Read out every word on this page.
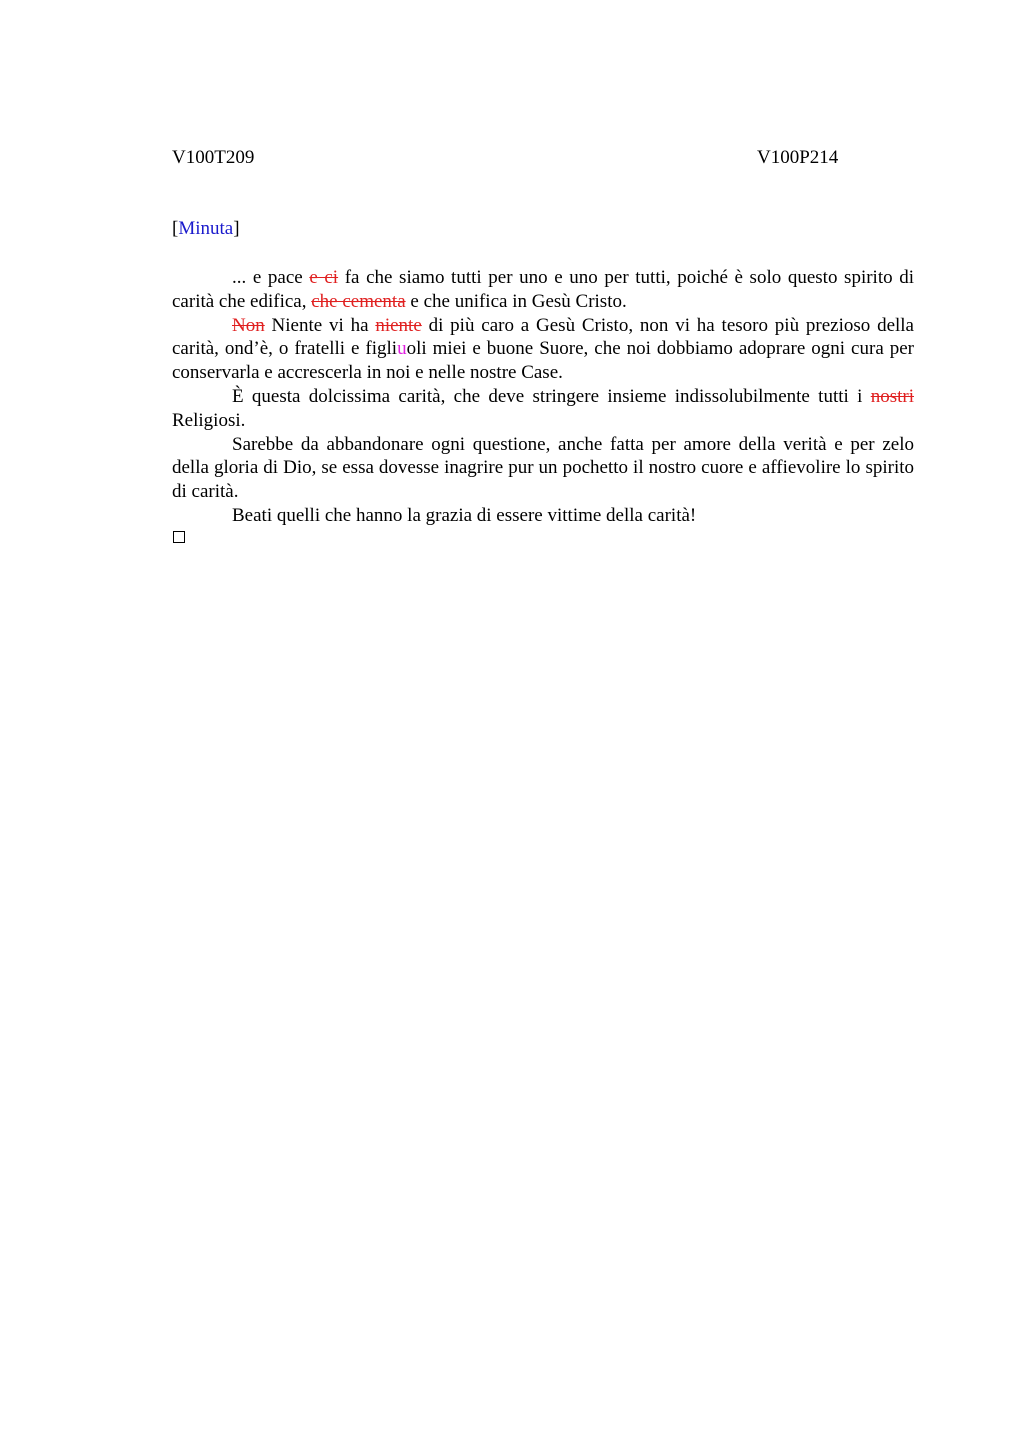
V100T209	V100P214
[Minuta]

... e pace e ci fa che siamo tutti per uno e uno per tutti, poiché è solo questo spirito di carità che edifica, che cementa e che unifica in Gesù Cristo.

Non Niente vi ha niente di più caro a Gesù Cristo, non vi ha tesoro più prezioso della carità, ond’è, o fratelli e figliuoli miei e buone Suore, che noi dobbiamo adoprare ogni cura per conservarla e accrescerla in noi e nelle nostre Case.

È questa dolcissima carità, che deve stringere insieme indissolubilmente tutti i nostri Religiosi.

Sarebbe da abbandonare ogni questione, anche fatta per amore della verità e per zelo della gloria di Dio, se essa dovesse inagrire pur un pochetto il nostro cuore e affievolire lo spirito di carità.

Beati quelli che hanno la grazia di essere vittime della carità!
